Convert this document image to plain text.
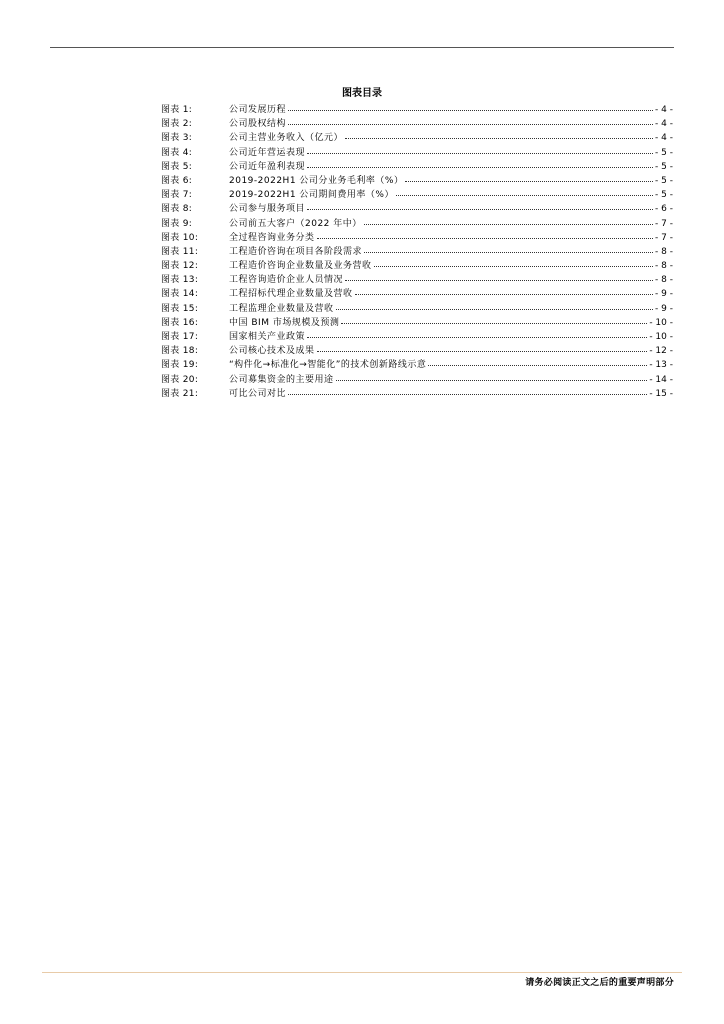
图表目录
图表 1:	公司发展历程	- 4 -
图表 2:	公司股权结构	- 4 -
图表 3:	公司主营业务收入（亿元）	- 4 -
图表 4:	公司近年营运表现	- 5 -
图表 5:	公司近年盈利表现	- 5 -
图表 6:	2019-2022H1 公司分业务毛利率（%）	- 5 -
图表 7:	2019-2022H1 公司期间费用率（%）	- 5 -
图表 8:	公司参与服务项目	- 6 -
图表 9:	公司前五大客户（2022 年中）	- 7 -
图表 10:	全过程咨询业务分类	- 7 -
图表 11:	工程造价咨询在项目各阶段需求	- 8 -
图表 12:	工程造价咨询企业数量及业务营收	- 8 -
图表 13:	工程咨询造价企业人员情况	- 8 -
图表 14:	工程招标代理企业数量及营收	- 9 -
图表 15:	工程监理企业数量及营收	- 9 -
图表 16:	中国 BIM 市场规模及预测	- 10 -
图表 17:	国家相关产业政策	- 10 -
图表 18:	公司核心技术及成果	- 12 -
图表 19:	“构件化→标准化→智能化”的技术创新路线示意	- 13 -
图表 20:	公司募集资金的主要用途	- 14 -
图表 21:	可比公司对比	- 15 -
请务必阅读正文之后的重要声明部分
